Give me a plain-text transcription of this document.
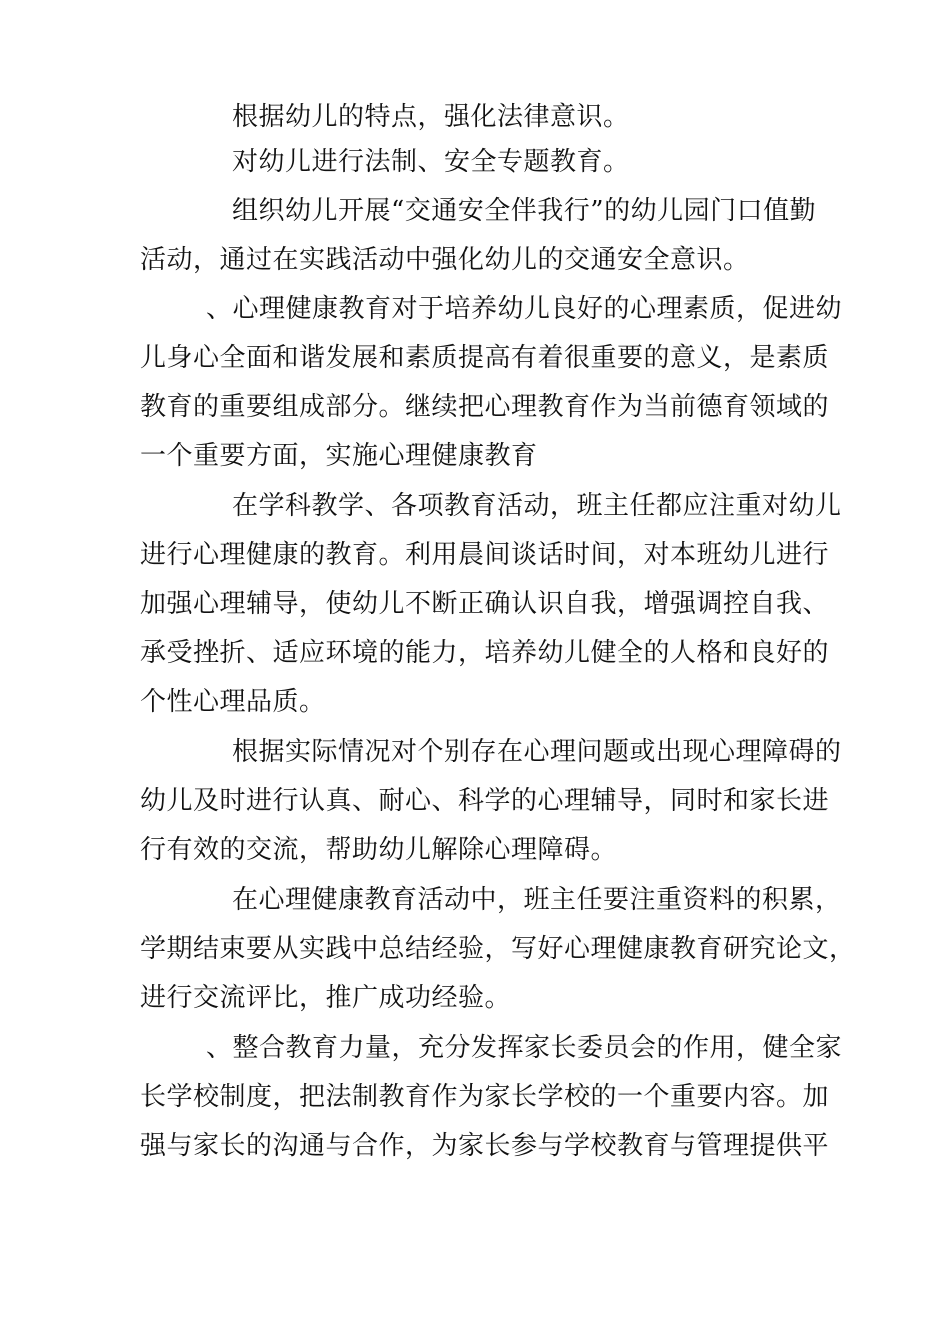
根据幼儿的特点，强化法律意识。
对幼儿进行法制、安全专题教育。
组织幼儿开展“交通安全伴我行”的幼儿园门口值勤
活动，通过在实践活动中强化幼儿的交通安全意识。
、心理健康教育对于培养幼儿良好的心理素质，促进幼
儿身心全面和谐发展和素质提高有着很重要的意义，是素质
教育的重要组成部分。继续把心理教育作为当前德育领域的
一个重要方面，实施心理健康教育
在学科教学、各项教育活动，班主任都应注重对幼儿
进行心理健康的教育。利用晨间谈话时间，对本班幼儿进行
加强心理辅导，使幼儿不断正确认识自我，增强调控自我、
承受挫折、适应环境的能力，培养幼儿健全的人格和良好的
个性心理品质。
根据实际情况对个别存在心理问题或出现心理障碍的
幼儿及时进行认真、耐心、科学的心理辅导，同时和家长进
行有效的交流，帮助幼儿解除心理障碍。
在心理健康教育活动中，班主任要注重资料的积累，
学期结束要从实践中总结经验，写好心理健康教育研究论文，
进行交流评比，推广成功经验。
、整合教育力量，充分发挥家长委员会的作用，健全家
长学校制度，把法制教育作为家长学校的一个重要内容。加
强与家长的沟通与合作，为家长参与学校教育与管理提供平
